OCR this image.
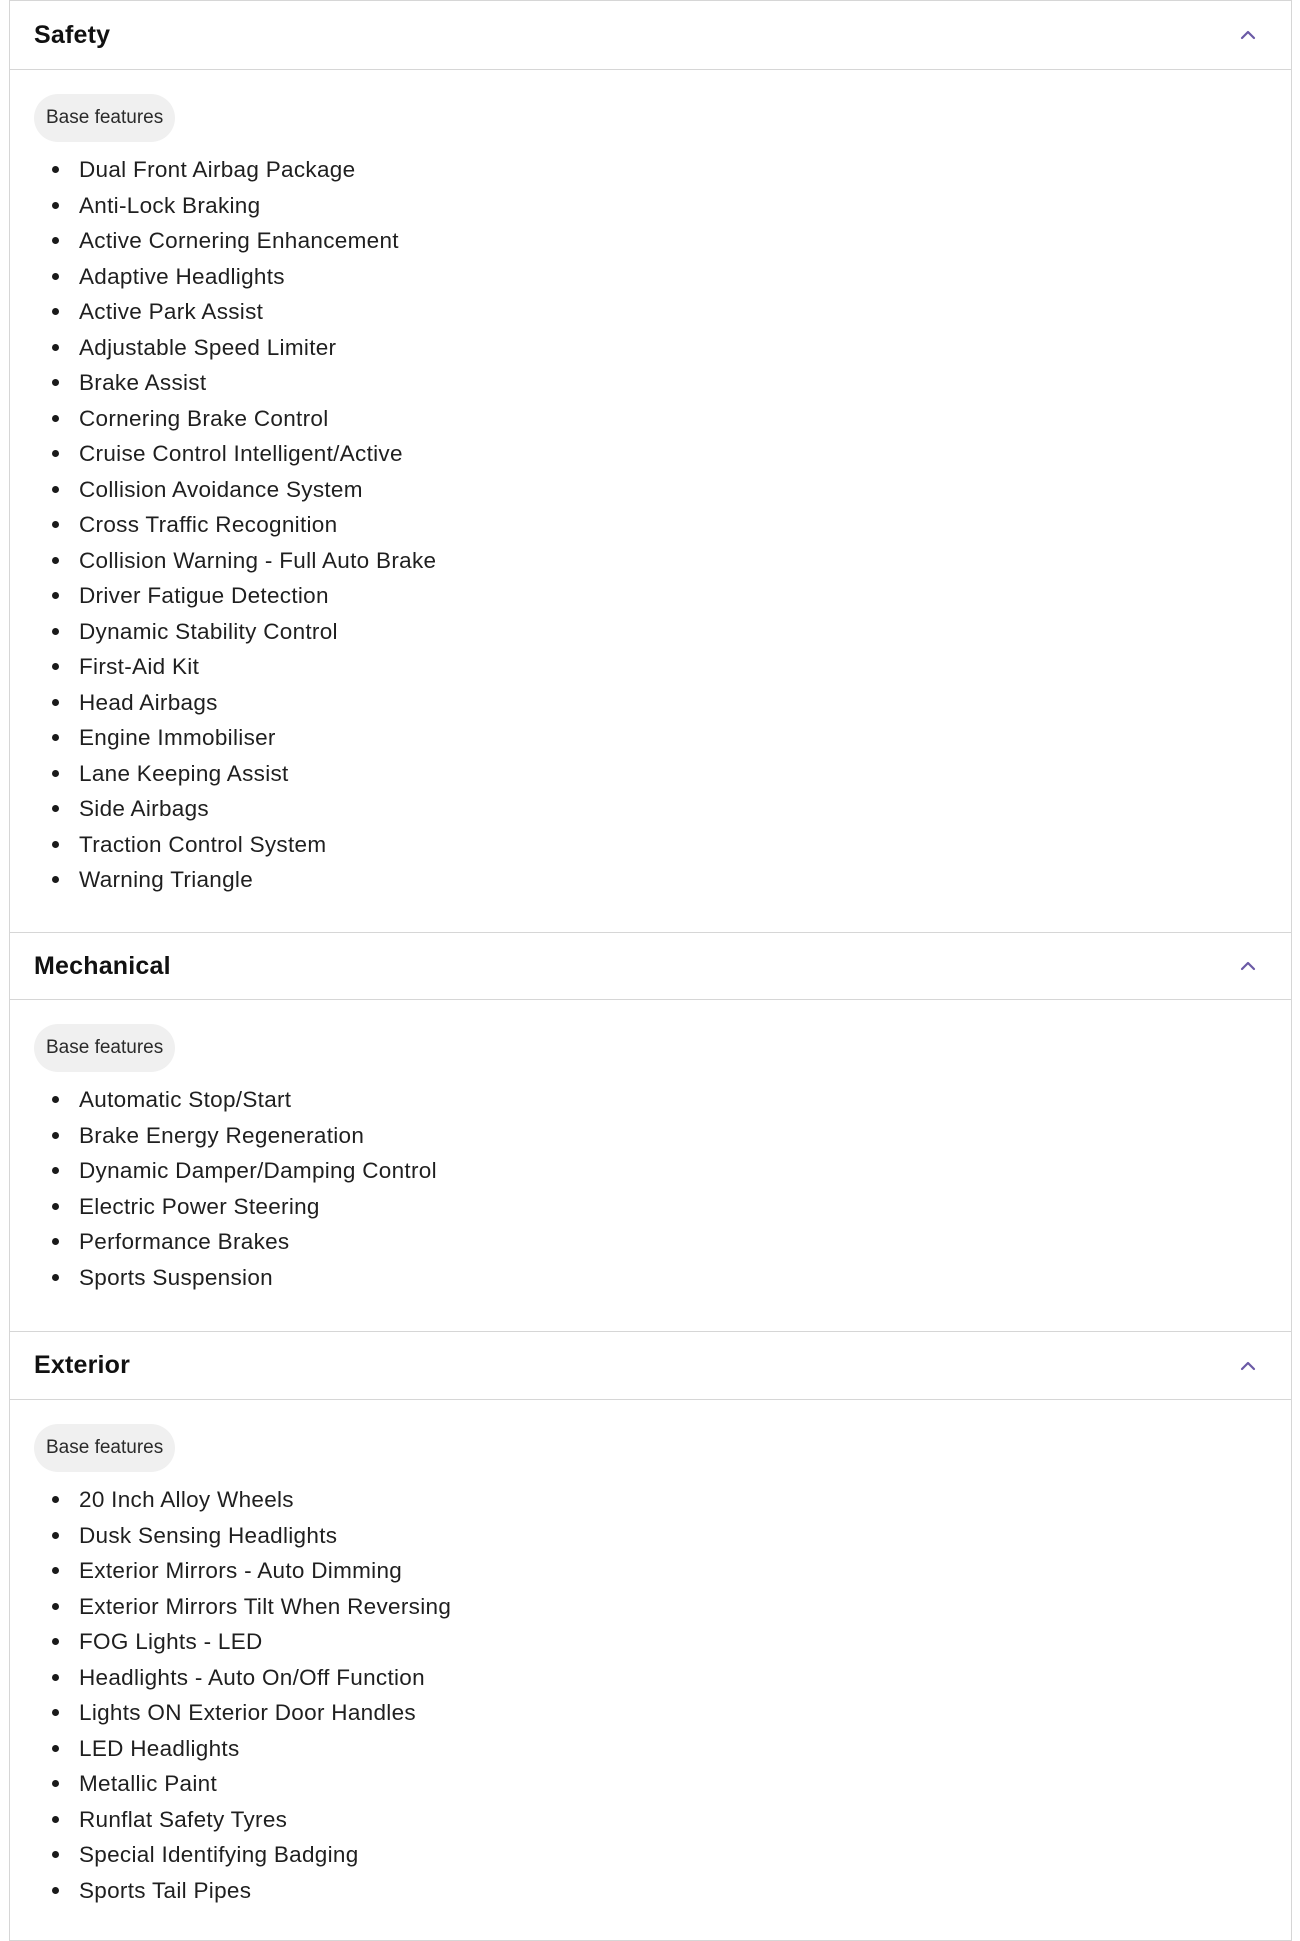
Safety
Base features
Dual Front Airbag Package
Anti-Lock Braking
Active Cornering Enhancement
Adaptive Headlights
Active Park Assist
Adjustable Speed Limiter
Brake Assist
Cornering Brake Control
Cruise Control Intelligent/Active
Collision Avoidance System
Cross Traffic Recognition
Collision Warning - Full Auto Brake
Driver Fatigue Detection
Dynamic Stability Control
First-Aid Kit
Head Airbags
Engine Immobiliser
Lane Keeping Assist
Side Airbags
Traction Control System
Warning Triangle
Mechanical
Base features
Automatic Stop/Start
Brake Energy Regeneration
Dynamic Damper/Damping Control
Electric Power Steering
Performance Brakes
Sports Suspension
Exterior
Base features
20 Inch Alloy Wheels
Dusk Sensing Headlights
Exterior Mirrors - Auto Dimming
Exterior Mirrors Tilt When Reversing
FOG Lights - LED
Headlights - Auto On/Off Function
Lights ON Exterior Door Handles
LED Headlights
Metallic Paint
Runflat Safety Tyres
Special Identifying Badging
Sports Tail Pipes
